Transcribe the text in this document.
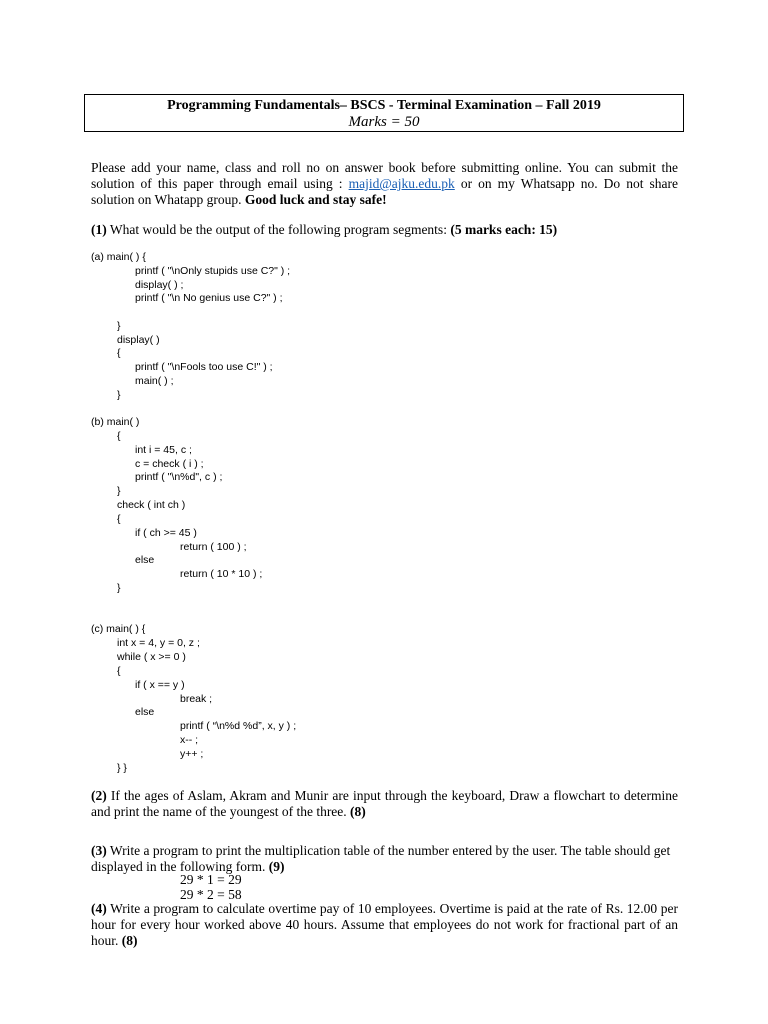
Programming Fundamentals– BSCS - Terminal Examination – Fall 2019
Marks = 50
Please add your name, class and roll no on answer book before submitting online. You can submit the solution of this paper through email using : majid@ajku.edu.pk or on my Whatsapp no. Do not share solution on Whatapp group. Good luck and stay safe!
(1) What would be the output of the following program segments: (5 marks each: 15)
(a) main( ) {
printf ( "\nOnly stupids use C?" ) ;
display( ) ;
printf ( "\n No genius use C?" ) ;
}
display( )
{
printf ( "\nFools too use C!" ) ;
main( ) ;
}
(b) main( )
{
int i = 45, c ;
c = check ( i ) ;
printf ( "\n%d", c ) ;
}
check ( int ch )
{
if ( ch >= 45 )
return ( 100 ) ;
else
return ( 10 * 10 ) ;
}
(c) main( ) {
int x = 4, y = 0, z ;
while ( x >= 0 )
{
if ( x == y )
break ;
else
printf ( “\n%d %d”, x, y ) ;
x-- ;
y++ ;
} }
(2) If the ages of Aslam, Akram and Munir are input through the keyboard, Draw a flowchart to determine and print the name of the youngest of the three. (8)
(3) Write a program to print the multiplication table of the number entered by the user. The table should get displayed in the following form. (9)
29 * 1 = 29
29 * 2 = 58
(4) Write a program to calculate overtime pay of 10 employees. Overtime is paid at the rate of Rs. 12.00 per hour for every hour worked above 40 hours. Assume that employees do not work for fractional part of an hour. (8)
